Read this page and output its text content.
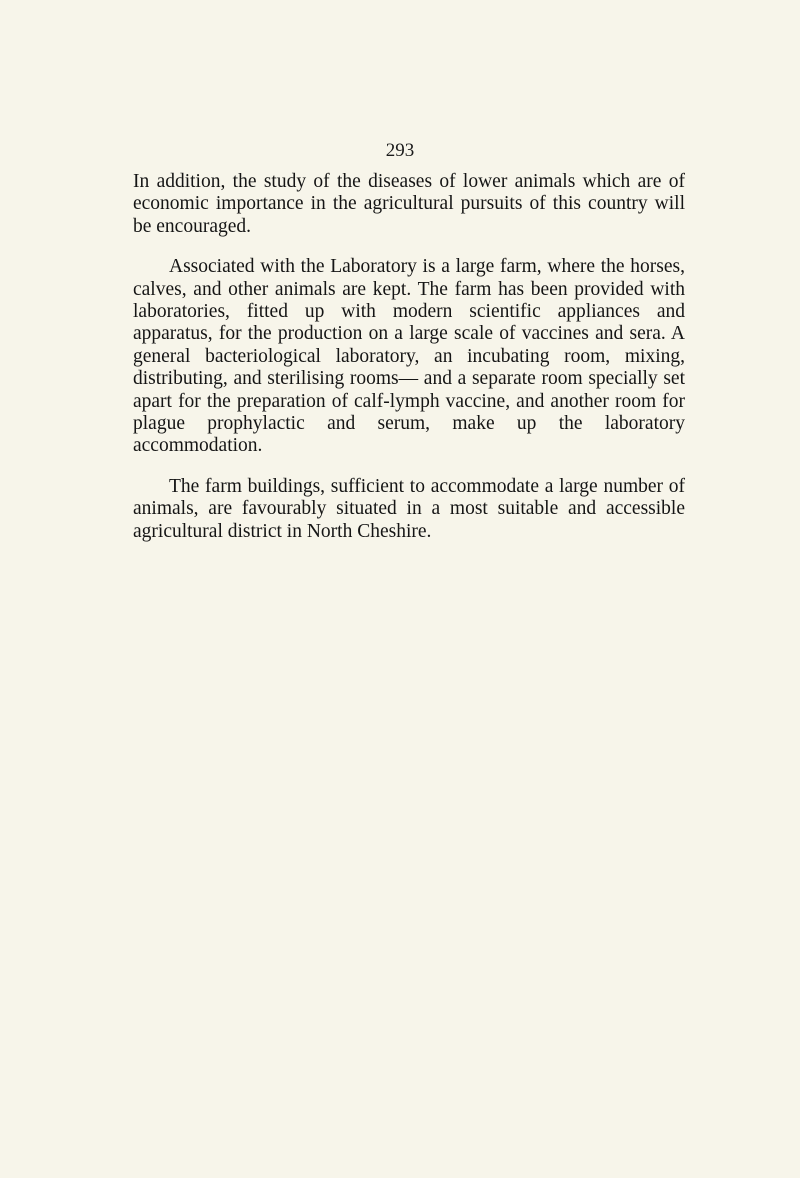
293

In addition, the study of the diseases of lower animals which are of economic importance in the agricultural pursuits of this country will be encouraged.

Associated with the Laboratory is a large farm, where the horses, calves, and other animals are kept. The farm has been provided with laboratories, fitted up with modern scientific appliances and apparatus, for the production on a large scale of vaccines and sera. A general bacteriological laboratory, an incubating room, mixing, distributing, and sterilising rooms— and a separate room specially set apart for the preparation of calf-lymph vaccine, and another room for plague prophylactic and serum, make up the laboratory accommodation.

The farm buildings, sufficient to accommodate a large number of animals, are favourably situated in a most suitable and accessible agricultural district in North Cheshire.
